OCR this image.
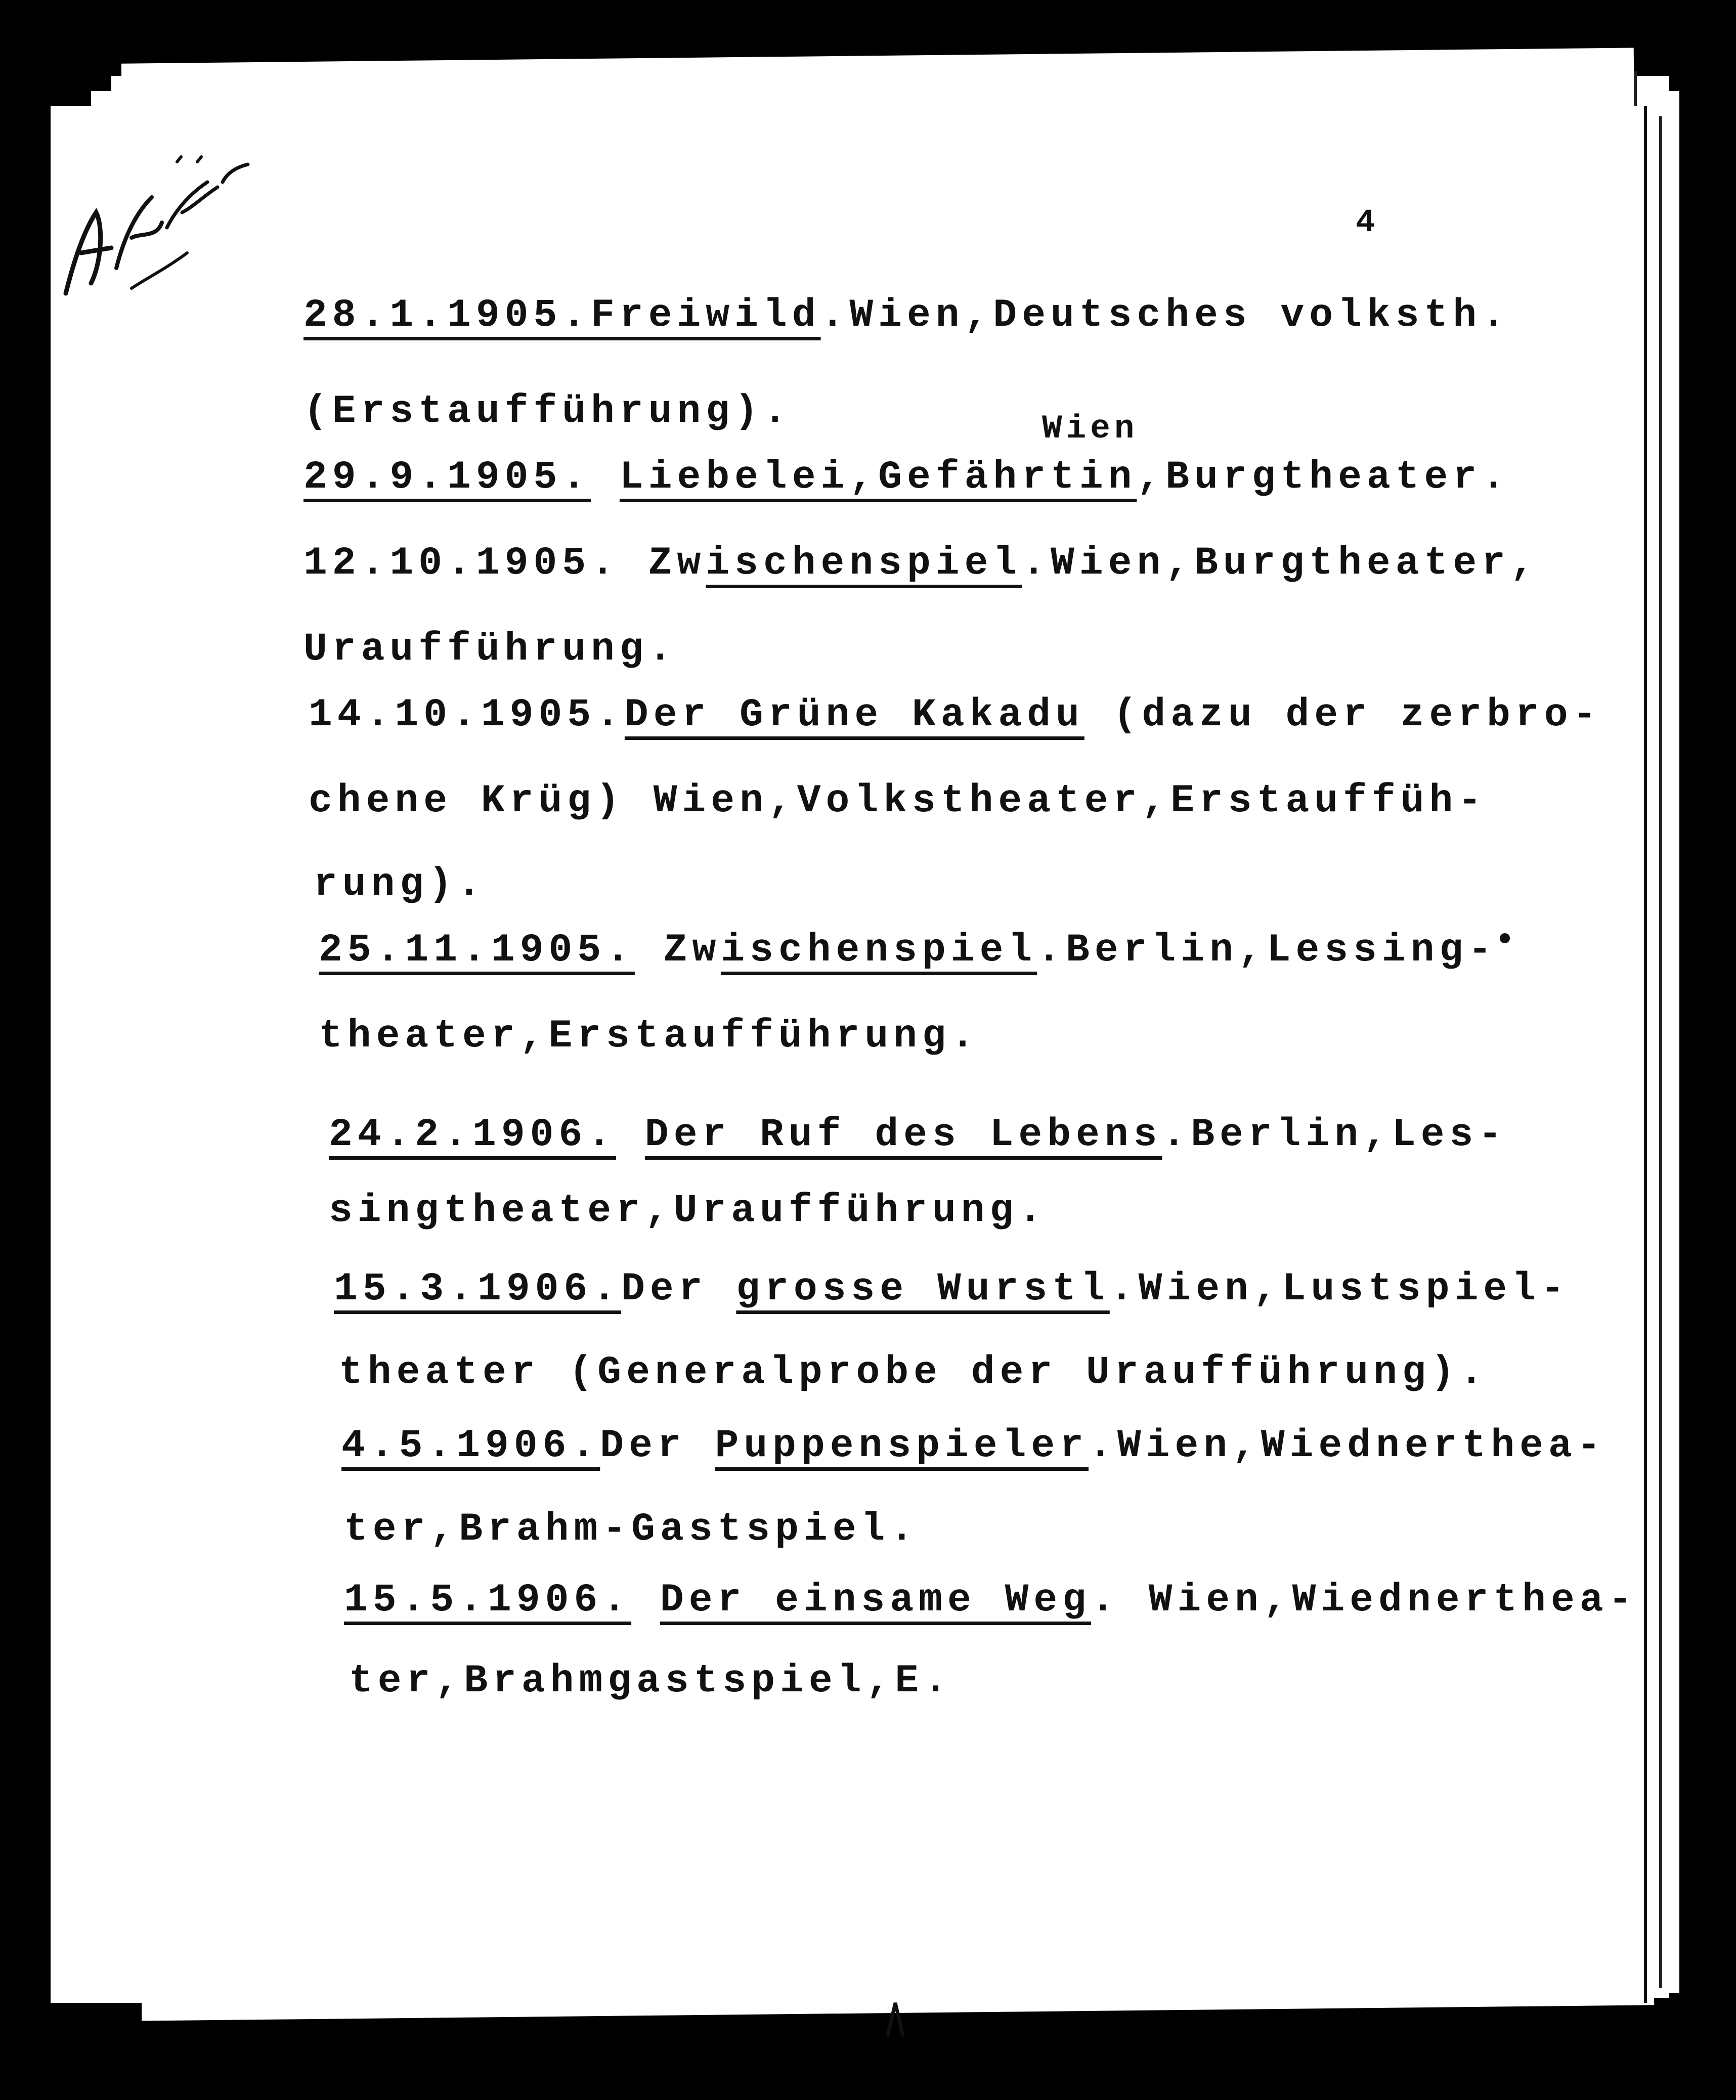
4
Wien
28.1.1905.Freiwild.Wien,Deutsches volksth.
(Erstaufführung).
29.9.1905. Liebelei,Gefährtin,Burgtheater.
12.10.1905. Zwischenspiel.Wien,Burgtheater,
Uraufführung.
14.10.1905.Der Grüne Kakadu (dazu der zerbro-
chene Krüg) Wien,Volkstheater,Erstauffüh-
rung).
25.11.1905. Zwischenspiel.Berlin,Lessing-
theater,Erstaufführung.
24.2.1906. Der Ruf des Lebens.Berlin,Les-
singtheater,Uraufführung.
15.3.1906.Der grosse Wurstl.Wien,Lustspiel-
theater (Generalprobe der Uraufführung).
4.5.1906.Der Puppenspieler.Wien,Wiednerthea-
ter,Brahm-Gastspiel.
15.5.1906. Der einsame Weg. Wien,Wiednerthea-
ter,Brahmgastspiel,E.
